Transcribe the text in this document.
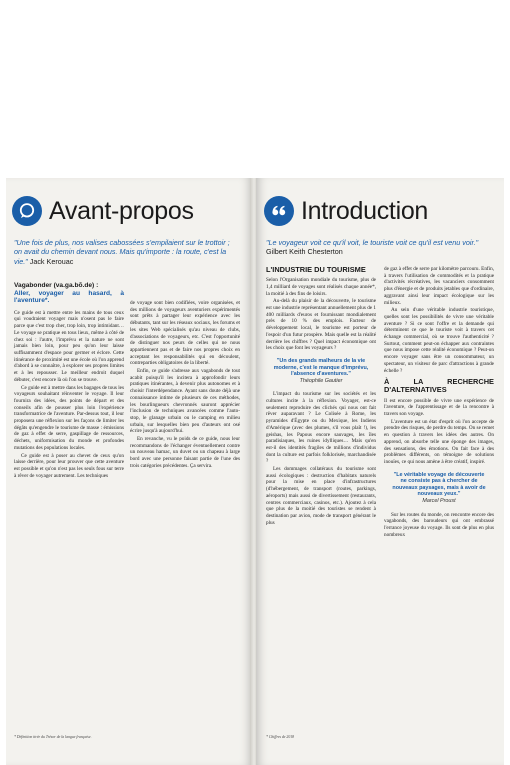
Avant-propos
"Une fois de plus, nos valises cabossées s'empilaient sur le trottoir ; on avait du chemin devant nous. Mais qu'importe : la route, c'est la vie." Jack Kerouac
Vagabonder (va.ga.bõ.de) :
Aller, voyager au hasard, à l'aventure*.

Ce guide est à mettre entre les mains de tous ceux qui voudraient voyager mais n'osent pas le faire parce que c'est trop cher, trop loin, trop intimidant… Le voyage se pratique en tous lieux, même à côté de chez soi : l'autre, l'imprévu et la nature ne sont jamais bien loin, pour peu qu'on leur laisse suffisamment d'espace pour germer et éclore. Cette itinérance de proximité est une école où l'on apprend d'abord à se connaître, à explorer ses propres limites et à les repousser. Le meilleur endroit duquel débuter, c'est encore là où l'on se trouve.

Ce guide est à mettre dans les bagages de tous les voyageurs souhaitant réinventer le voyage. Il leur fournira des idées, des points de départ et des conseils afin de pousser plus loin l'expérience transformatrice de l'aventure. Par-dessus tout, il leur proposera une réflexion sur les façons de limiter les dégâts qu'engendre le tourisme de masse : émissions de gaz à effet de serre, gaspillage de ressources, déchets, uniformisation du monde et profondes mutations des populations locales.

Ce guide est à poser au chevet de ceux qu'on laisse derrière, pour leur prouver que cette aventure est possible et qu'on n'est pas les seuls fous sur terre à rêver de voyager autrement. Les techniques

de voyage sont bien codifiées, voire organisées, et des millions de voyageurs aventuriers expérimentés sont prêts à partager leur expérience avec les débutants, tant sur les réseaux sociaux, les forums et les sites Web spécialisés qu'au niveau de clubs, d'associations de voyageurs, etc. C'est l'opportunité de distinguer nos peurs de celles qui ne nous appartiennent pas et de faire nos propres choix en acceptant les responsabilités qui en découlent, contreparties obligatoires de la liberté.

Enfin, ce guide s'adresse aux vagabonds de tout acabit puisqu'il les incitera à approfondir leurs pratiques itinérantes, à devenir plus autonomes et à choisir l'interdépendance. Ayant sans doute déjà une connaissance intime de plusieurs de ces méthodes, les bourlingueurs chevronnés sauront apprécier l'inclusion de techniques avancées comme l'auto-stop, le glanage urbain ou le camping en milieu urbain, sur lesquelles bien peu d'auteurs ont osé écrire jusqu'à aujourd'hui.

En revanche, vu le poids de ce guide, nous leur recommandons de l'échanger éventuellement contre un nouveau hamac, un duvet ou un chapeau à large bord avec une personne faisant partie de l'une des trois catégories précédentes. Ça servira.

* Définition tirée du Trésor de la langue française.
Introduction
"Le voyageur voit ce qu'il voit, le touriste voit ce qu'il est venu voir." Gilbert Keith Chesterton
L'INDUSTRIE DU TOURISME

Selon l'Organisation mondiale du tourisme, plus de 1,4 milliard de voyages sont réalisés chaque année*, la moitié à des fins de loisirs.

Au-delà du plaisir de la découverte, le tourisme est une industrie représentant annuellement plus de 1 400 milliards d'euros et fournissant mondialement près de 10 % des emplois. Facteur de développement local, le tourisme est porteur de l'espoir d'un futur prospère. Mais quelle est la réalité derrière les chiffres ? Quel impact économique ont les choix que font les voyageurs ?

"Un des grands malheurs de la vie moderne, c'est le manque d'imprévu, l'absence d'aventures."
Théophile Gautier

L'impact du tourisme sur les sociétés et les cultures incite à la réflexion. Voyager, est-ce seulement reproduire des clichés qui nous ont fait rêver auparavant ? Le Colisée à Rome, les pyramides d'Égypte ou du Mexique, les Indiens d'Amérique (avec des plumes, s'il vous plaît !), les geishas, les Papous encore sauvages, les îles paradisiaques, les ruines idylliques… Mais qu'en est-il des identités fragiles de millions d'individus dont la culture est parfois folklorisée, marchandisée ?

Les dommages collatéraux du tourisme sont aussi écologiques : destruction d'habitats naturels pour la mise en place d'infrastructures (d'hébergement, de transport (routes, parkings, aéroports) mais aussi de divertissement (restaurants, centres commerciaux, casinos, etc.). Ajoutez à cela que plus de la moitié des touristes se rendent à destination par avion, mode de transport générant le plus

de gaz à effet de serre par kilomètre parcouru. Enfin, à travers l'utilisation de commodités et la pratique d'activités récréatives, les vacanciers consomment plus d'énergie et de produits jetables que d'ordinaire, aggravant ainsi leur impact écologique sur les milieux.

Au sein d'une véritable industrie touristique, quelles sont les possibilités de vivre une véritable aventure ? Si ce sont l'offre et la demande qui déterminent ce que le touriste voit à travers cet échange commercial, où se trouve l'authenticité ? Surtout, comment peut-on échapper aux contraintes que nous impose cette réalité économique ? Peut-on encore voyager sans être un consommateur, un spectateur, un visiteur de parc d'attractions à grande échelle ?

À LA RECHERCHE D'ALTERNATIVES

Il est encore possible de vivre une expérience de l'aventure, de l'apprentissage et de la rencontre à travers son voyage.

L'aventure est un état d'esprit où l'on accepte de prendre des risques, de perdre du temps. On se remet en question à travers les idées des autres. On apprend, on absorbe telle une éponge des images, des sensations, des émotions. On fait face à des problèmes différents, on témoigne de solutions inouïes, ce qui nous amène à être créatif, inspiré.

"Le véritable voyage de découverte ne consiste pas à chercher de nouveaux paysages, mais à avoir de nouveaux yeux."
Marcel Proust

Sur les routes du monde, on rencontre encore des vagabonds, des baroudeurs qui ont embrassé l'errance joyeuse du voyage. Ils sont de plus en plus nombreux

* Chiffres de 2018
